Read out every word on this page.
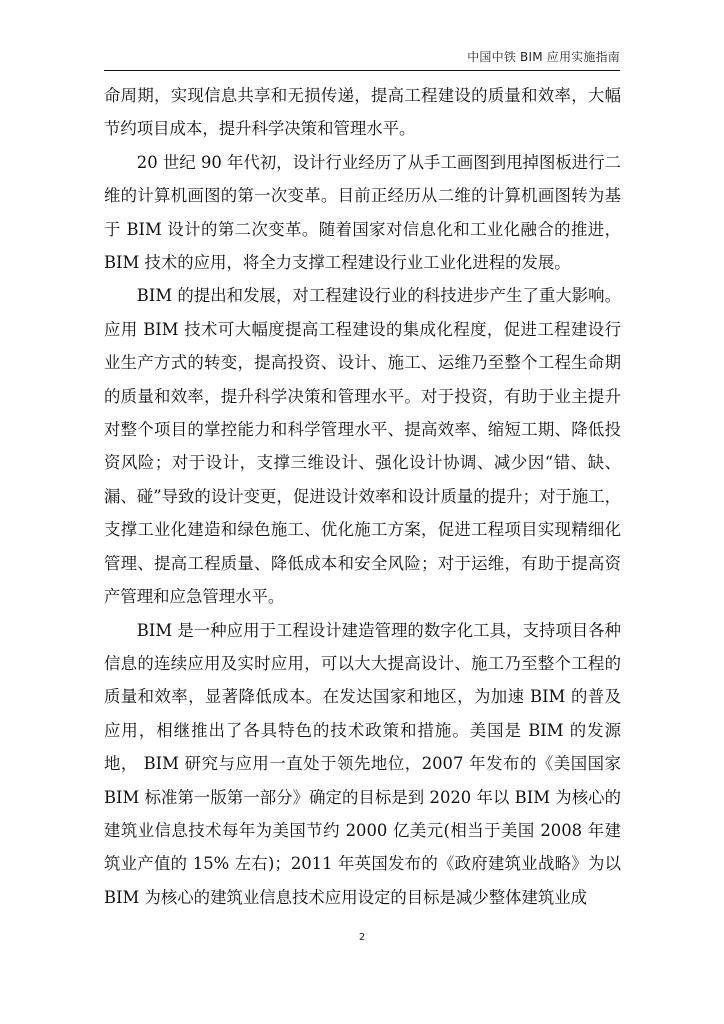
中国中铁 BIM 应用实施指南

命周期，实现信息共享和无损传递，提高工程建设的质量和效率，大幅节约项目成本，提升科学决策和管理水平。

20 世纪 90 年代初，设计行业经历了从手工画图到甩掉图板进行二维的计算机画图的第一次变革。目前正经历从二维的计算机画图转为基于 BIM 设计的第二次变革。随着国家对信息化和工业化融合的推进，BIM 技术的应用，将全力支撑工程建设行业工业化进程的发展。

BIM 的提出和发展，对工程建设行业的科技进步产生了重大影响。应用 BIM 技术可大幅度提高工程建设的集成化程度，促进工程建设行业生产方式的转变，提高投资、设计、施工、运维乃至整个工程生命期的质量和效率，提升科学决策和管理水平。对于投资，有助于业主提升对整个项目的掌控能力和科学管理水平、提高效率、缩短工期、降低投资风险；对于设计，支撑三维设计、强化设计协调、减少因“错、缺、漏、碰”导致的设计变更，促进设计效率和设计质量的提升；对于施工，支撑工业化建造和绿色施工、优化施工方案，促进工程项目实现精细化管理、提高工程质量、降低成本和安全风险；对于运维，有助于提高资产管理和应急管理水平。

BIM 是一种应用于工程设计建造管理的数字化工具，支持项目各种信息的连续应用及实时应用，可以大大提高设计、施工乃至整个工程的质量和效率，显著降低成本。在发达国家和地区，为加速 BIM 的普及应用，相继推出了各具特色的技术政策和措施。美国是 BIM 的发源地， BIM 研究与应用一直处于领先地位，2007 年发布的《美国国家 BIM 标准第一版第一部分》确定的目标是到 2020 年以 BIM 为核心的建筑业信息技术每年为美国节约 2000 亿美元(相当于美国 2008 年建筑业产值的 15% 左右)；2011 年英国发布的《政府建筑业战略》为以 BIM 为核心的建筑业信息技术应用设定的目标是减少整体建筑业成

2
